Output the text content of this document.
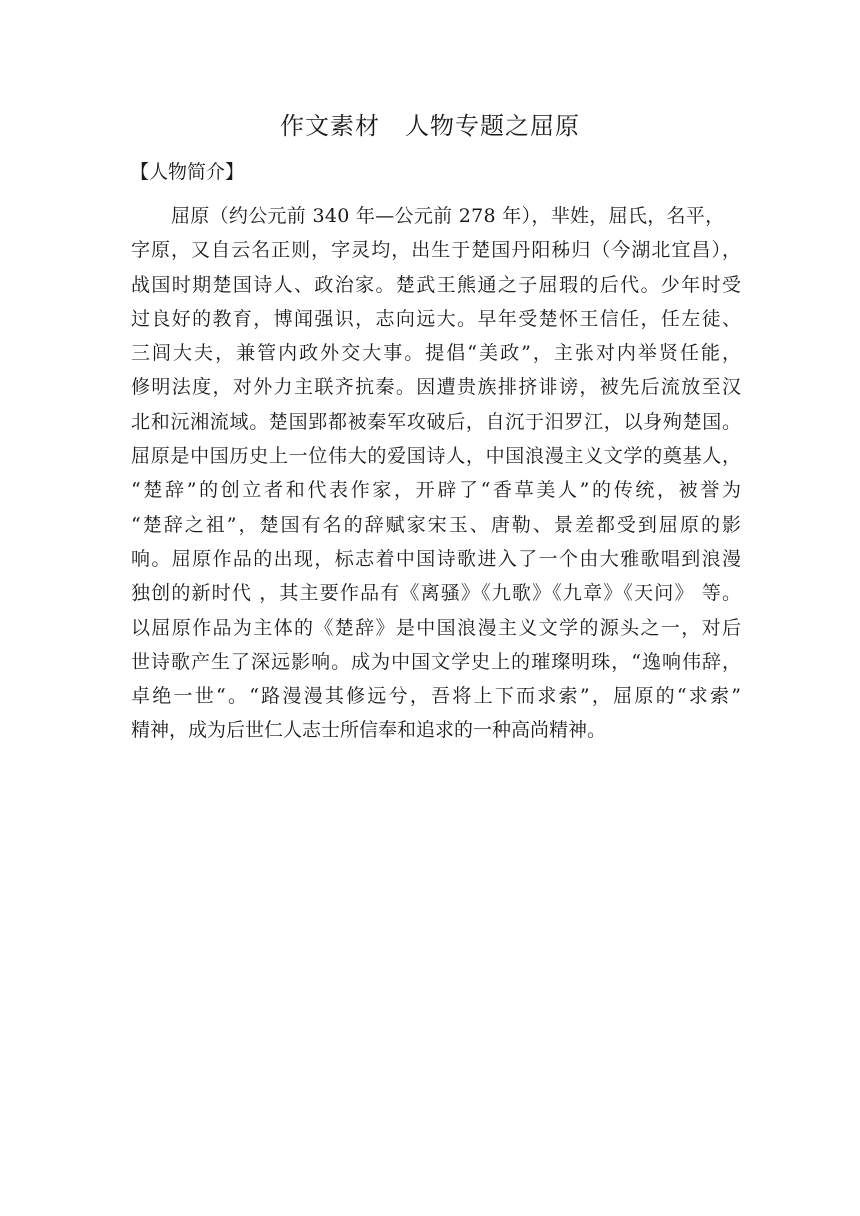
作文素材　人物专题之屈原
【人物简介】
屈原（约公元前 340 年—公元前 278 年），芈姓，屈氏，名平，
字原，又自云名正则，字灵均，出生于楚国丹阳秭归（今湖北宜昌），
战国时期楚国诗人、政治家。楚武王熊通之子屈瑕的后代。少年时受
过良好的教育，博闻强识，志向远大。早年受楚怀王信任，任左徒、
三闾大夫，兼管内政外交大事。提倡“美政”，主张对内举贤任能，
修明法度，对外力主联齐抗秦。因遭贵族排挤诽谤，被先后流放至汉
北和沅湘流域。楚国郢都被秦军攻破后，自沉于汨罗江，以身殉楚国。
屈原是中国历史上一位伟大的爱国诗人，中国浪漫主义文学的奠基人，
“楚辞”的创立者和代表作家，开辟了“香草美人”的传统，被誉为
“楚辞之祖”，楚国有名的辞赋家宋玉、唐勒、景差都受到屈原的影
响。屈原作品的出现，标志着中国诗歌进入了一个由大雅歌唱到浪漫
独创的新时代 ，其主要作品有《离骚》《九歌》《九章》《天问》 等。
以屈原作品为主体的《楚辞》是中国浪漫主义文学的源头之一，对后
世诗歌产生了深远影响。成为中国文学史上的璀璨明珠，“逸响伟辞，
卓绝一世“。“路漫漫其修远兮，吾将上下而求索”，屈原的“求索”
精神，成为后世仁人志士所信奉和追求的一种高尚精神。
